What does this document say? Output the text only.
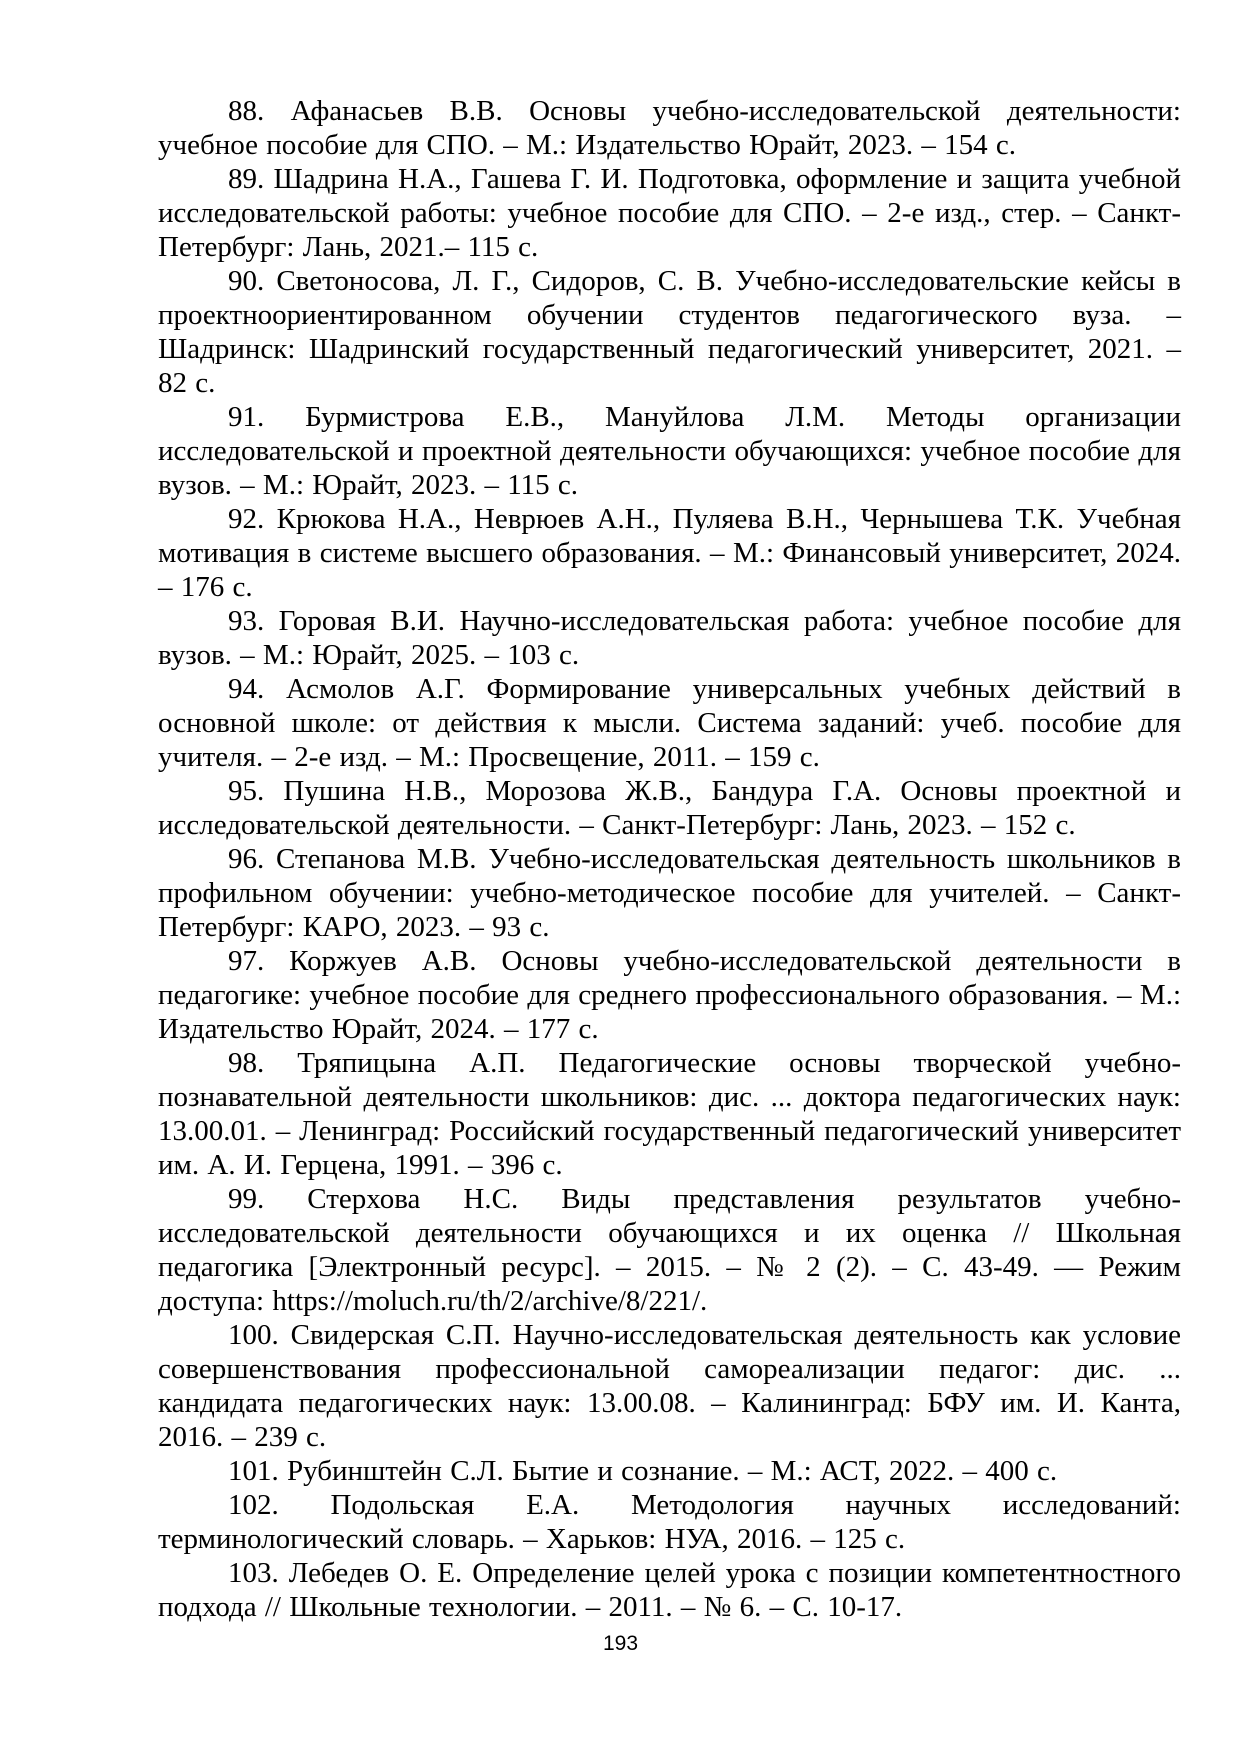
88. Афанасьев В.В. Основы учебно-исследовательской деятельности: учебное пособие для СПО. – М.: Издательство Юрайт, 2023. – 154 с.

89. Шадрина Н.А., Гашева Г. И. Подготовка, оформление и защита учебной исследовательской работы: учебное пособие для СПО. – 2-е изд., стер. – Санкт-Петербург: Лань, 2021.– 115 с.

90. Светоносова, Л. Г., Сидоров, С. В. Учебно-исследовательские кейсы в проектноориентированном обучении студентов педагогического вуза. – Шадринск: Шадринский государственный педагогический университет, 2021. – 82 с.

91. Бурмистрова Е.В., Мануйлова Л.М. Методы организации исследовательской и проектной деятельности обучающихся: учебное пособие для вузов. – М.: Юрайт, 2023. – 115 с.

92. Крюкова Н.А., Неврюев А.Н., Пуляева В.Н., Чернышева Т.К. Учебная мотивация в системе высшего образования. – М.: Финансовый университет, 2024. – 176 с.

93. Горовая В.И. Научно-исследовательская работа: учебное пособие для вузов. – М.: Юрайт, 2025. – 103 с.

94. Асмолов А.Г. Формирование универсальных учебных действий в основной школе: от действия к мысли. Система заданий: учеб. пособие для учителя. – 2-е изд. – М.: Просвещение, 2011. – 159 с.

95. Пушина Н.В., Морозова Ж.В., Бандура Г.А. Основы проектной и исследовательской деятельности. – Санкт-Петербург: Лань, 2023. – 152 с.

96. Степанова М.В. Учебно-исследовательская деятельность школьников в профильном обучении: учебно-методическое пособие для учителей. – Санкт-Петербург: КАРО, 2023. – 93 с.

97. Коржуев А.В. Основы учебно-исследовательской деятельности в педагогике: учебное пособие для среднего профессионального образования. – М.: Издательство Юрайт, 2024. – 177 с.

98. Тряпицына А.П. Педагогические основы творческой учебно-познавательной деятельности школьников: дис. ... доктора педагогических наук: 13.00.01. – Ленинград: Российский государственный педагогический университет им. А. И. Герцена, 1991. – 396 с.

99. Стерхова Н.С. Виды представления результатов учебно-исследовательской деятельности обучающихся и их оценка // Школьная педагогика [Электронный ресурс]. – 2015. – № 2 (2). – С. 43-49. — Режим доступа: https://moluch.ru/th/2/archive/8/221/.

100. Свидерская С.П. Научно-исследовательская деятельность как условие совершенствования профессиональной самореализации педагог: дис. ... кандидата педагогических наук: 13.00.08. – Калининград: БФУ им. И. Канта, 2016. – 239 с.

101. Рубинштейн С.Л. Бытие и сознание. – М.: АСТ, 2022. – 400 с.

102. Подольская Е.А. Методология научных исследований: терминологический словарь. – Харьков: НУА, 2016. – 125 с.

103. Лебедев О. Е. Определение целей урока с позиции компетентностного подхода // Школьные технологии. – 2011. – № 6. – С. 10-17.

193
